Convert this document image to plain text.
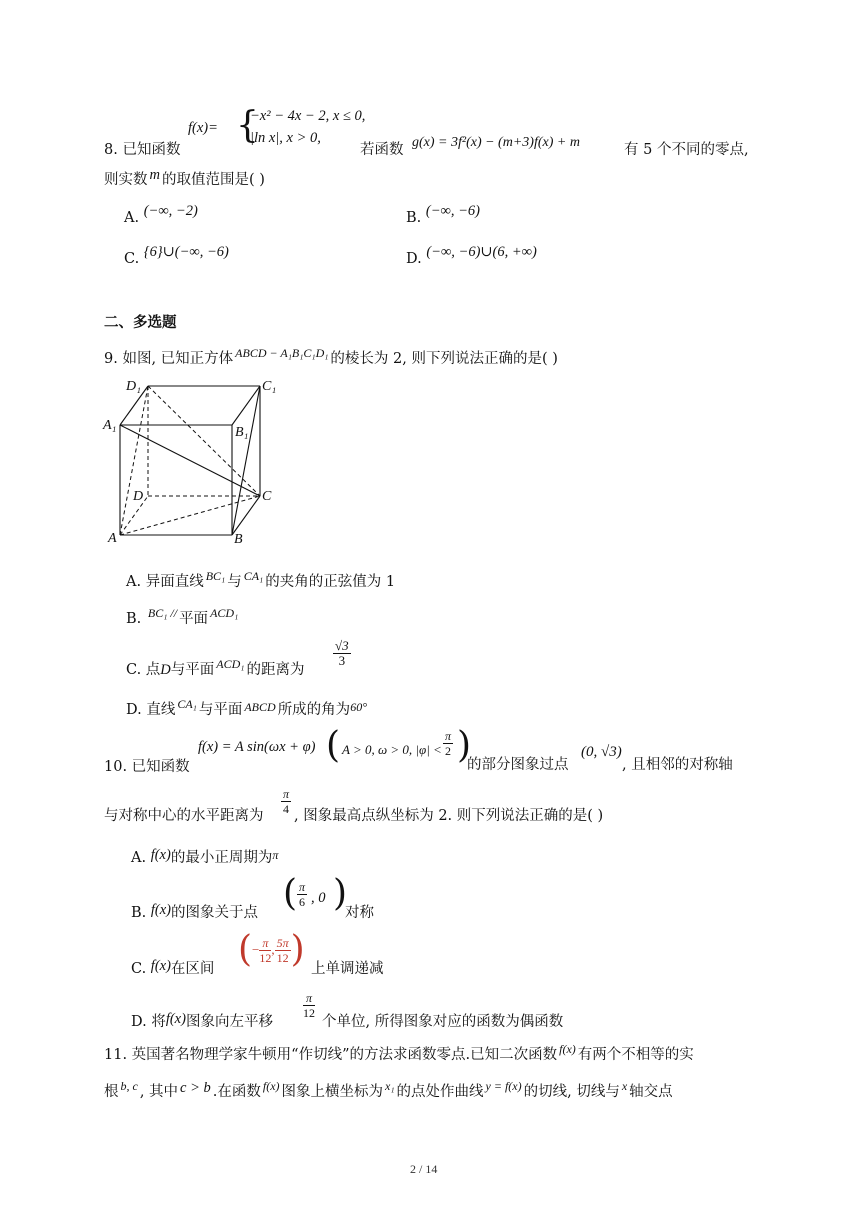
f(x)= {
−x² − 4x − 2, x ≤ 0,
|ln x|, x > 0,
8. 已知函数	若函数 g(x) = 3f²(x) − (m+3)f(x) + m	有 5 个不同的零点,
则实数 m 的取值范围是( )
A. (−∞, −2)	B. (−∞, −6)
C. {6}∪(−∞, −6)	D. (−∞, −6)∪(6, +∞)
二、多选题
9. 如图, 已知正方体 $^{ABCD - A_1B_1C_1D_1}$ 的棱长为 2, 则下列说法正确的是( )
D₁	C₁
A₁	B₁
D	C
A	B
A. 异面直线 $^{BC_1}$ 与 $^{CA_1}$ 的夹角的正弦值为 1
B. $^{BC_1 //}$ 平面 $^{ACD_1}$
C. 点D与平面 $^{ACD_1}$ 的距离为
$\frac{√3}{3}$
D. 直线 $^{CA_1}$ 与平面 $^{ABCD}$ 所成的角为$^{60^\circ}$
10. 已知函数
f(x) = A sin(ωx + φ) ( A > 0, ω > 0, $|\varphi| < \frac{\pi}{2}$ )
的部分图象过点
(0, √3)
, 且相邻的对称轴
与对称中心的水平距离为 $\frac{\pi}{4}$ , 图象最高点纵坐标为 2. 则下列说法正确的是( )
A. f(x)的最小正周期为$^\pi$
B. f(x)的图象关于点 ( $\frac{\pi}{6}$ , 0 )
对称
C. f(x)在区间 (− $\frac{\pi}{12}$ , $\frac{5\pi}{12}$ ) 上单调递减
D. 将f(x)图象向左平移
$\frac{\pi}{12}$
个单位, 所得图象对应的函数为偶函数
11. 英国著名物理学家牛顿用“作切线”的方法求函数零点.已知二次函数 $^{f(x)}$ 有两个不相等的实
根 $^{b, c}$ , 其中 c > b .在函数 $^{f(x)}$ 图象上横坐标为 $^{x_1}$ 的点处作曲线 $^{y = f(x)}$ 的切线, 切线与 $^x$ 轴交点
2 / 14
